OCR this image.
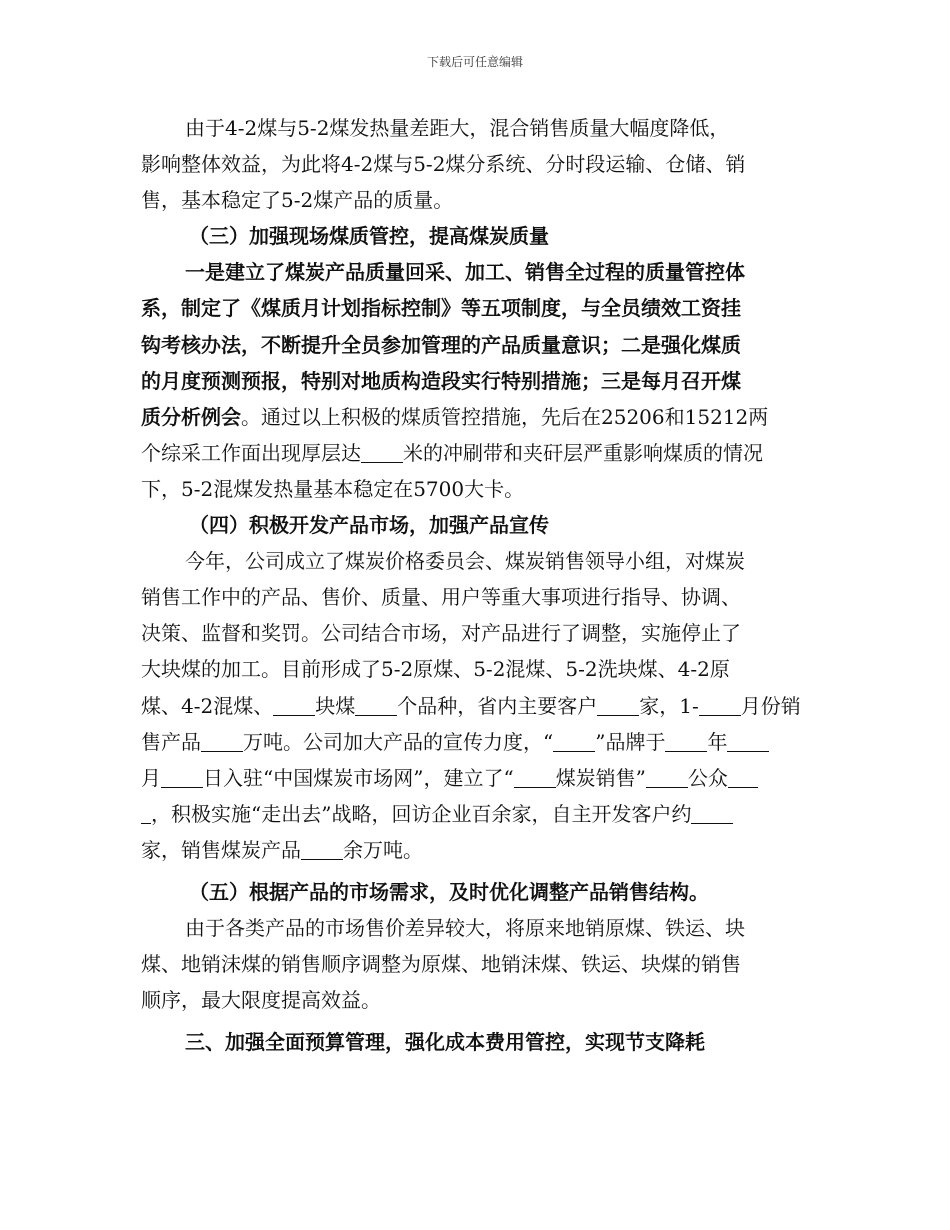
下载后可任意编辑
由于4-2煤与5-2煤发热量差距大，混合销售质量大幅度降低，
影响整体效益，为此将4-2煤与5-2煤分系统、分时段运输、仓储、销
售，基本稳定了5-2煤产品的质量。
（三）加强现场煤质管控，提高煤炭质量
一是建立了煤炭产品质量回采、加工、销售全过程的质量管控体
系，制定了《煤质月计划指标控制》等五项制度，与全员绩效工资挂
钩考核办法，不断提升全员参加管理的产品质量意识；二是强化煤质
的月度预测预报，特别对地质构造段实行特别措施；三是每月召开煤
质分析例会。通过以上积极的煤质管控措施，先后在25206和15212两
个综采工作面出现厚层达 米的冲刷带和夹矸层严重影响煤质的情况
下，5-2混煤发热量基本稳定在5700大卡。
（四）积极开发产品市场，加强产品宣传
今年，公司成立了煤炭价格委员会、煤炭销售领导小组，对煤炭
销售工作中的产品、售价、质量、用户等重大事项进行指导、协调、
决策、监督和奖罚。公司结合市场，对产品进行了调整，实施停止了
大块煤的加工。目前形成了5-2原煤、5-2混煤、5-2洗块煤、4-2原
煤、4-2混煤、 块煤 个品种，省内主要客户 家，1- 月份销
售产品 万吨。公司加大产品的宣传力度，“ ”品牌于 年
月 日入驻“中国煤炭市场网”，建立了“ 煤炭销售” 公众
，积极实施“走出去”战略，回访企业百余家，自主开发客户约
家，销售煤炭产品 余万吨。
（五）根据产品的市场需求，及时优化调整产品销售结构。
由于各类产品的市场售价差异较大，将原来地销原煤、铁运、块
煤、地销沫煤的销售顺序调整为原煤、地销沫煤、铁运、块煤的销售
顺序，最大限度提高效益。
三、加强全面预算管理，强化成本费用管控，实现节支降耗
